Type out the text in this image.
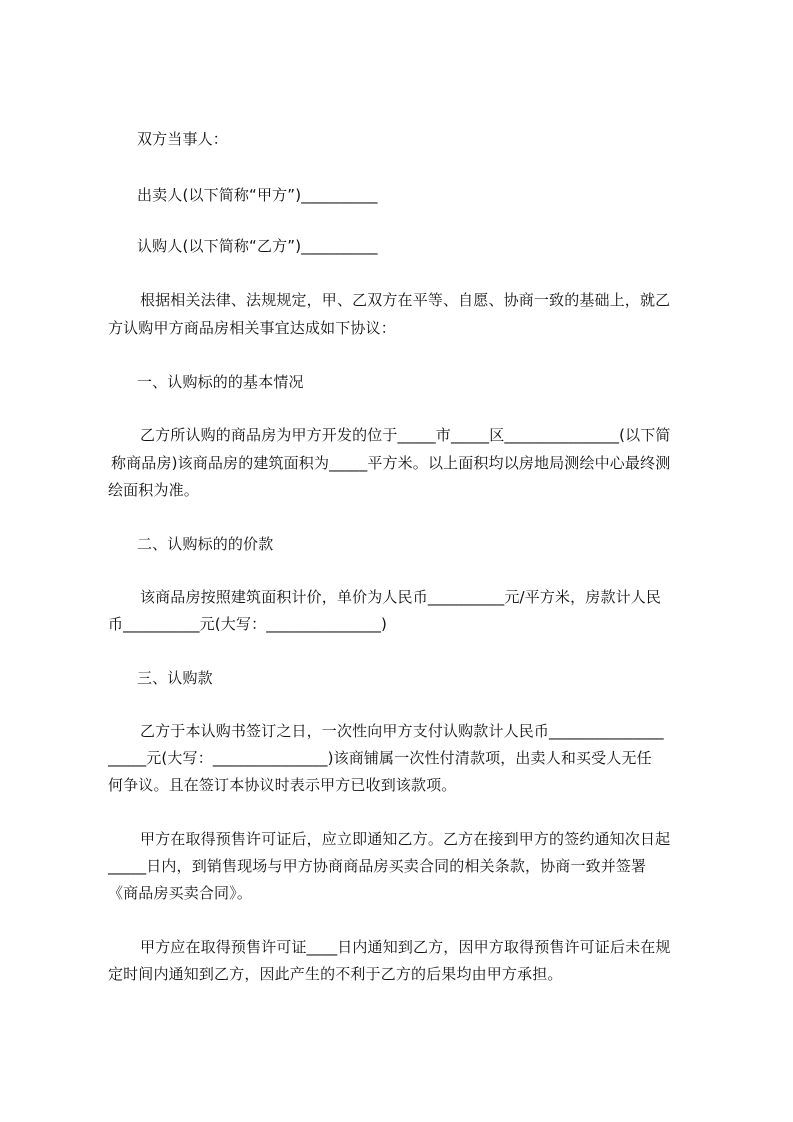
双方当事人：
出卖人(以下简称“甲方”)__________
认购人(以下简称“乙方”)__________
根据相关法律、法规规定，甲、乙双方在平等、自愿、协商一致的基础上，就乙
方认购甲方商品房相关事宜达成如下协议：
一、认购标的的基本情况
乙方所认购的商品房为甲方开发的位于_____市_____区_______________(以下简
称商品房)该商品房的建筑面积为_____平方米。以上面积均以房地局测绘中心最终测
绘面积为准。
二、认购标的的价款
该商品房按照建筑面积计价，单价为人民币__________元/平方米，房款计人民
币__________元(大写：_______________)
三、认购款
乙方于本认购书签订之日，一次性向甲方支付认购款计人民币_______________
_____元(大写：_______________)该商铺属一次性付清款项，出卖人和买受人无任
何争议。且在签订本协议时表示甲方已收到该款项。
甲方在取得预售许可证后，应立即通知乙方。乙方在接到甲方的签约通知次日起
_____日内，到销售现场与甲方协商商品房买卖合同的相关条款，协商一致并签署
《商品房买卖合同》。
甲方应在取得预售许可证____日内通知到乙方，因甲方取得预售许可证后未在规
定时间内通知到乙方，因此产生的不利于乙方的后果均由甲方承担。
